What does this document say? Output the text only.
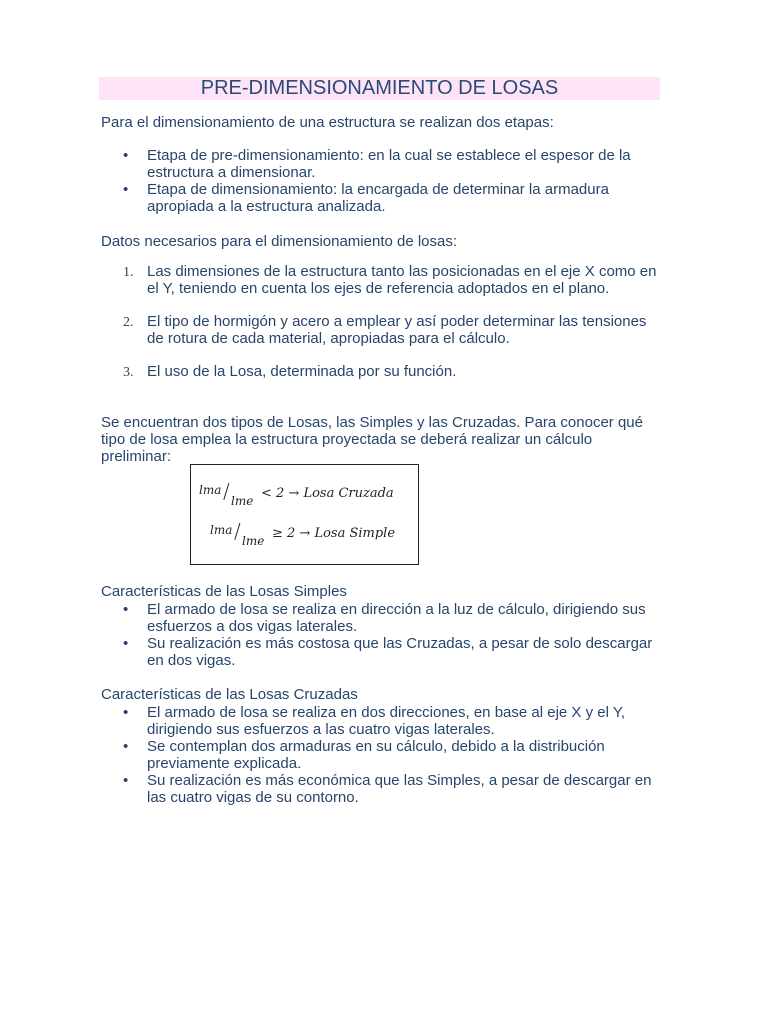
PRE-DIMENSIONAMIENTO DE LOSAS
Para el dimensionamiento de una estructura se realizan dos etapas:
• Etapa de pre-dimensionamiento: en la cual se establece el espesor de la estructura a dimensionar.
• Etapa de dimensionamiento: la encargada de determinar la armadura apropiada a la estructura analizada.
Datos necesarios para el dimensionamiento de losas:
1. Las dimensiones de la estructura tanto las posicionadas en el eje X como en el Y, teniendo en cuenta los ejes de referencia adoptados en el plano.
2. El tipo de hormigón y acero a emplear y así poder determinar las tensiones de rotura de cada material, apropiadas para el cálculo.
3. El uso de la Losa, determinada por su función.
Se encuentran dos tipos de Losas, las Simples y las Cruzadas. Para conocer qué tipo de losa emplea la estructura proyectada se deberá realizar un cálculo preliminar:
lma / lme < 2 → Losa Cruzada
lma / lme ≥ 2 → Losa Simple
Características de las Losas Simples
• El armado de losa se realiza en dirección a la luz de cálculo, dirigiendo sus esfuerzos a dos vigas laterales.
• Su realización es más costosa que las Cruzadas, a pesar de solo descargar en dos vigas.
Características de las Losas Cruzadas
• El armado de losa se realiza en dos direcciones, en base al eje X y el Y, dirigiendo sus esfuerzos a las cuatro vigas laterales.
• Se contemplan dos armaduras en su cálculo, debido a la distribución previamente explicada.
• Su realización es más económica que las Simples, a pesar de descargar en las cuatro vigas de su contorno.
